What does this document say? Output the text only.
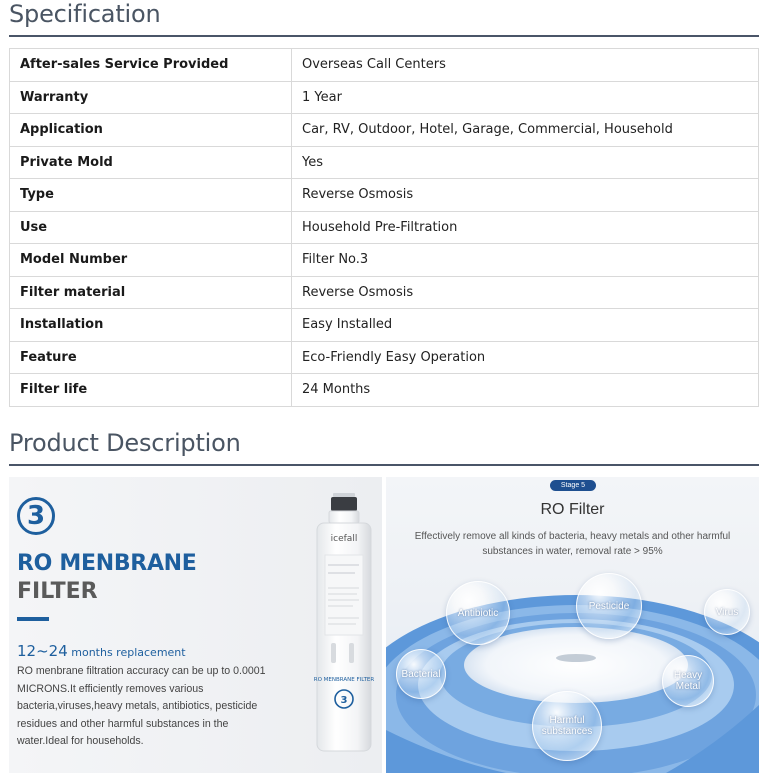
Specification
After-sales Service Provided	Overseas Call Centers
Warranty	1 Year
Application	Car, RV, Outdoor, Hotel, Garage, Commercial, Household
Private Mold	Yes
Type	Reverse Osmosis
Use	Household Pre-Filtration
Model Number	Filter No.3
Filter material	Reverse Osmosis
Installation	Easy Installed
Feature	Eco-Friendly Easy Operation
Filter life	24 Months
Product Description
3
RO MENBRANE
FILTER
12~24 months replacement
RO menbrane filtration accuracy can be up to 0.0001 MICRONS.It efficiently removes various bacteria,viruses,heavy metals, antibiotics, pesticide residues and other harmful substances in the water.Ideal for households.
icefall
RO MENBRANE FILTER
3
Stage 5
RO Filter
Effectively remove all kinds of bacteria, heavy metals and other harmful
substances in water, removal rate > 95%
Antibiotic
Pesticide
Virus
Bacterial	Heavy
Metal
Harmful
substances
